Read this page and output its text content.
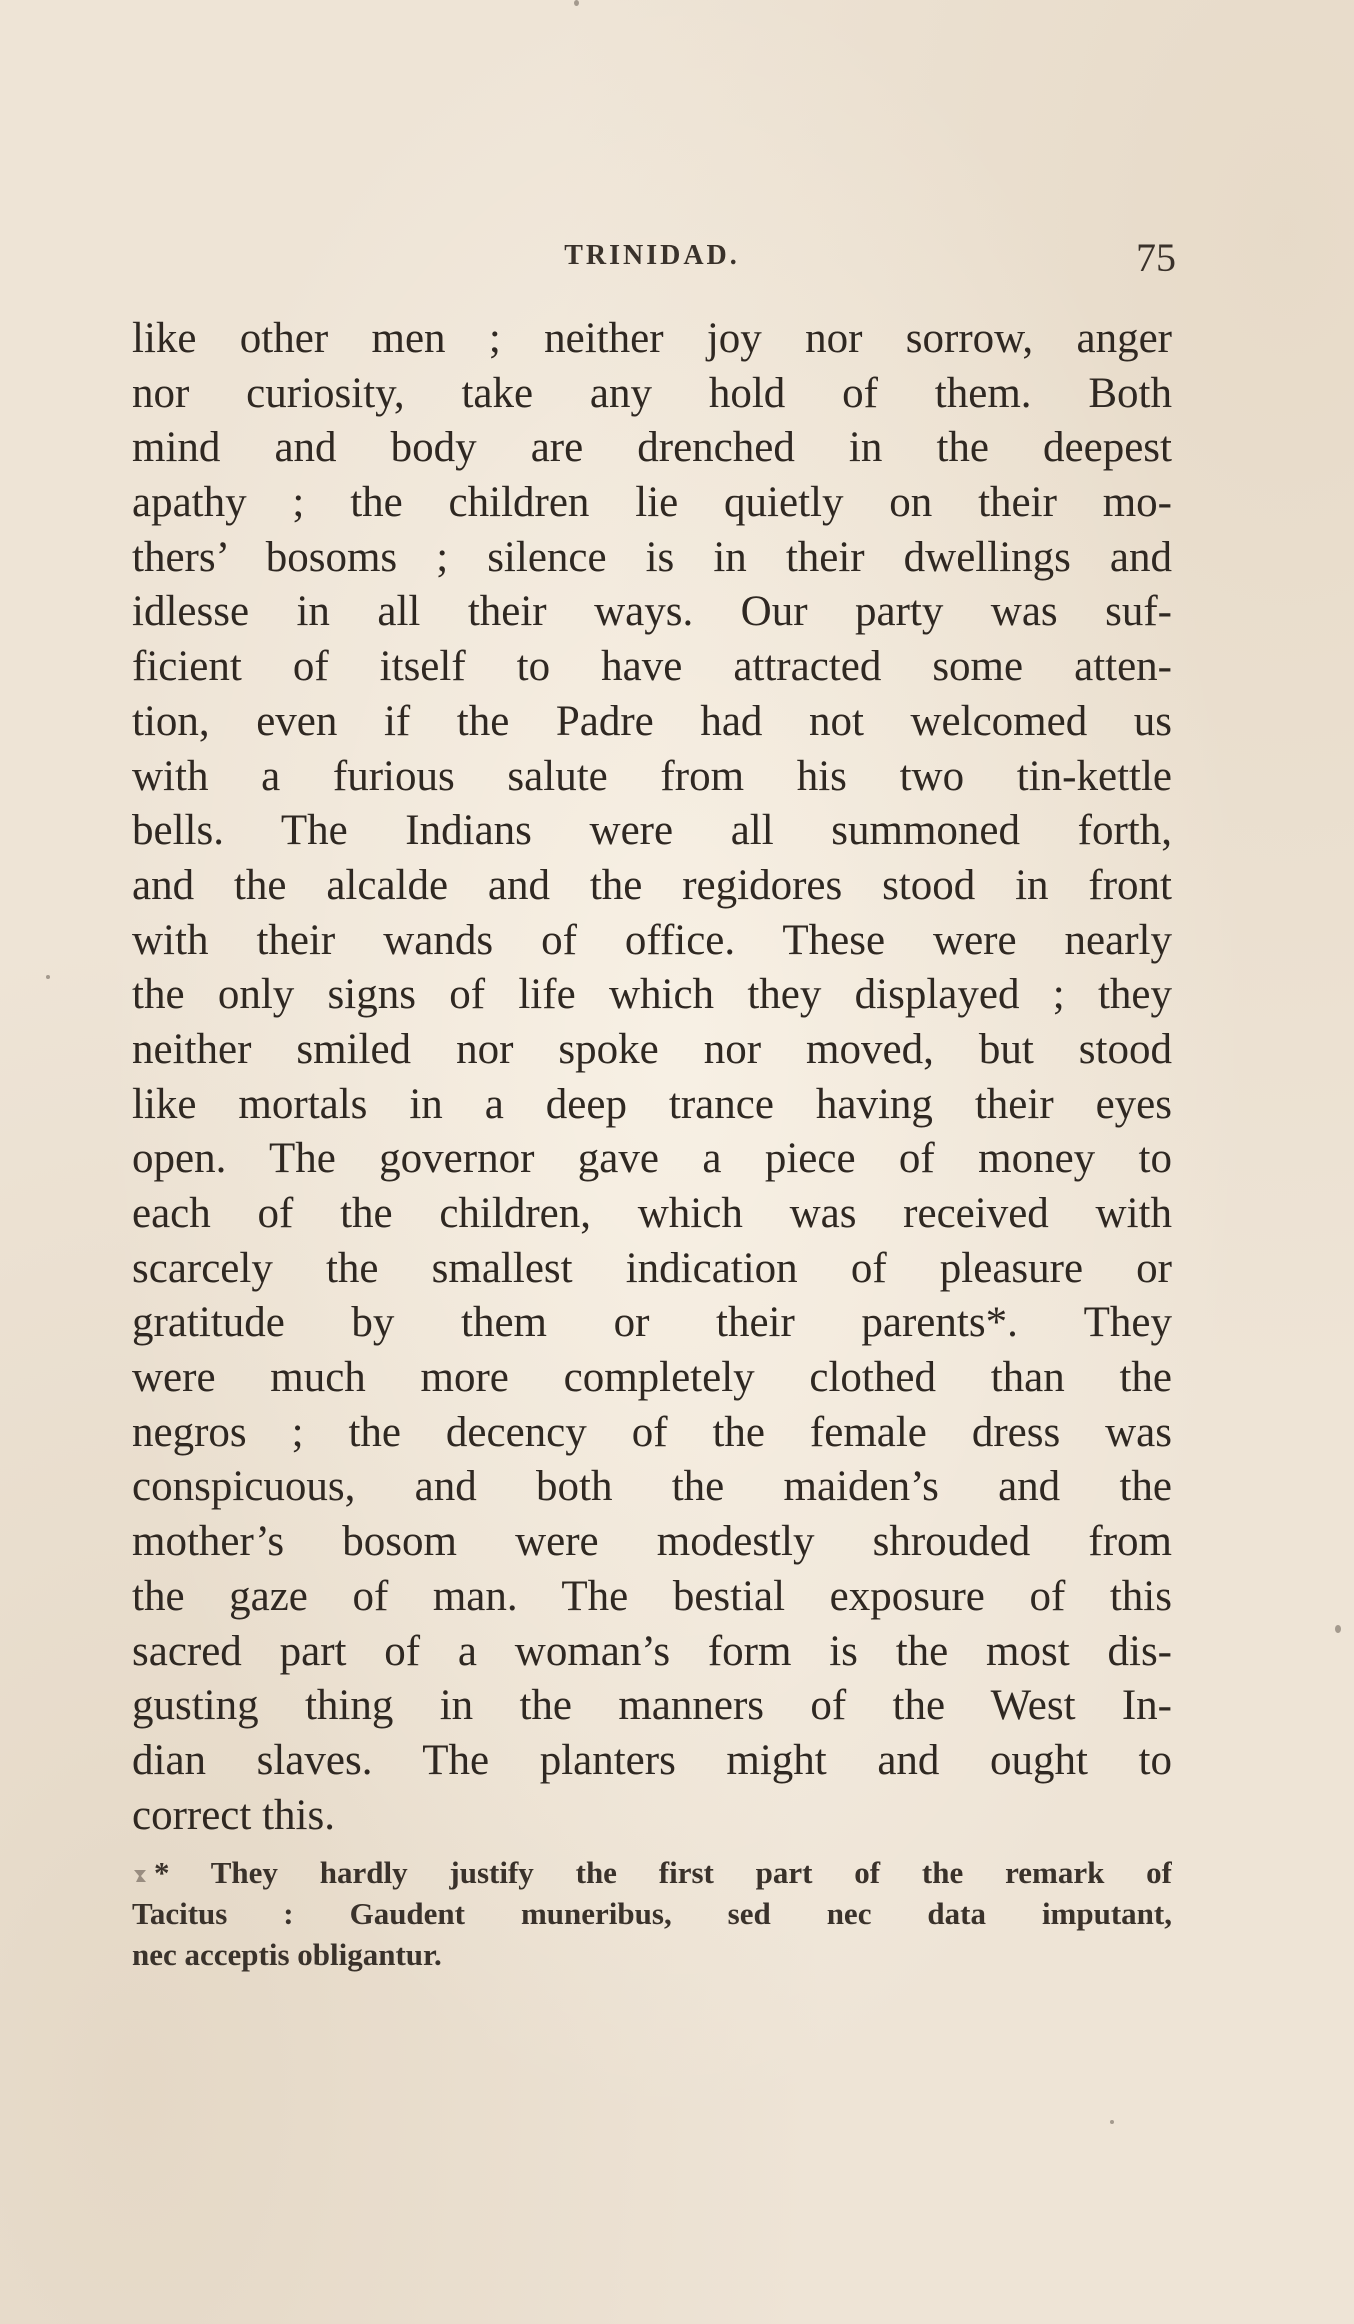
TRINIDAD.	75
like other men ; neither joy nor sorrow, anger
nor curiosity, take any hold of them. Both
mind and body are drenched in the deepest
apathy ; the children lie quietly on their mo-
thers’ bosoms ; silence is in their dwellings and
idlesse in all their ways. Our party was suf-
ficient of itself to have attracted some atten-
tion, even if the Padre had not welcomed us
with a furious salute from his two tin-kettle
bells. The Indians were all summoned forth,
and the alcalde and the regidores stood in front
with their wands of office. These were nearly
the only signs of life which they displayed ; they
neither smiled nor spoke nor moved, but stood
like mortals in a deep trance having their eyes
open. The governor gave a piece of money to
each of the children, which was received with
scarcely the smallest indication of pleasure or
gratitude by them or their parents*. They
were much more completely clothed than the
negros ; the decency of the female dress was
conspicuous, and both the maiden’s and the
mother’s bosom were modestly shrouded from
the gaze of man. The bestial exposure of this
sacred part of a woman’s form is the most dis-
gusting thing in the manners of the West In-
dian slaves. The planters might and ought to
correct this.
* They hardly justify the first part of the remark of
Tacitus : Gaudent muneribus, sed nec data imputant,
nec acceptis obligantur.
